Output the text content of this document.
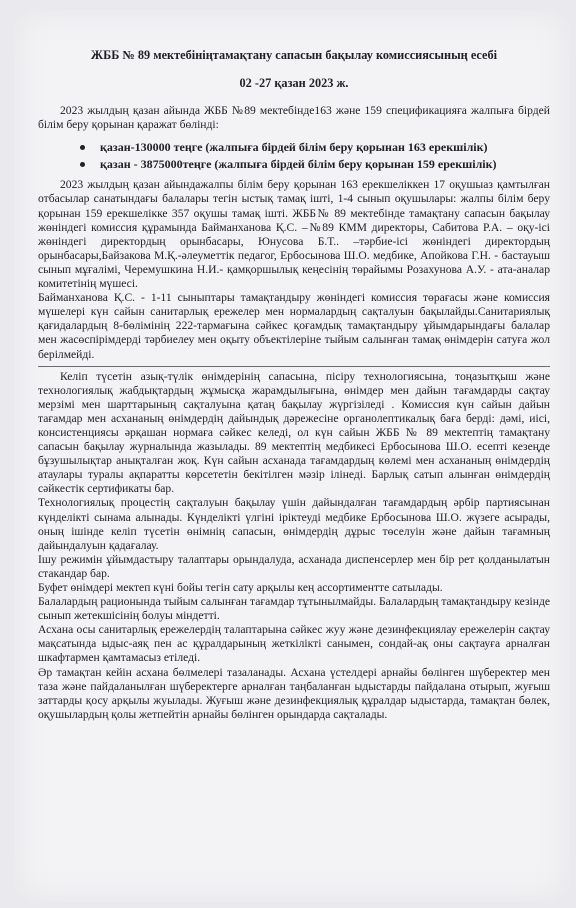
ЖББ № 89 мектебініңтамақтану сапасын бақылау комиссиясының есебі

02 -27 қазан 2023 ж.

2023 жылдың қазан айында ЖББ №89 мектебінде163 және 159 спецификацияға жалпыға бірдей білім беру қорынан қаражат бөлінді:

қазан-130000 теңге (жалпыға бірдей білім беру қорынан 163 ерекшілік)
қазан - 3875000теңге (жалпыға бірдей білім беру қорынан 159 ерекшілік)

2023 жылдың қазан айындажалпы білім беру қорынан 163 ерекшеліккен 17 оқушыаз қамтылған отбасылар санатындағы балалары тегін ыстық тамақ ішті, 1-4 сынып оқушылары: жалпы білім беру қорынан 159 ерекшелікке 357 оқушы тамақ ішті. ЖББ№ 89 мектебінде тамақтану сапасын бақылау жөніндегі комиссия құрамында Байманханова Қ.С. –№89 КММ директоры, Сабитова Р.А. – оқу-ісі жөніндегі директордың орынбасары, Юнусова Б.Т.. –тәрбие-ісі жөніндегі директордың орынбасары,Байзакова М.Қ.-әлеуметтік педагог, Ербосынова Ш.О. медбике, Апойкова Г.Н. - бастауыш сынып мұғалімі, Черемушкина Н.И.- қамқоршылық кеңесінің төрайымы Розахунова А.У. - ата-аналар комитетінің мүшесі.

Байманханова Қ.С. - 1-11 сыныптары тамақтандыру жөніндегі комиссия төрағасы және комиссия мүшелері күн сайын санитарлық ережелер мен нормалардың сақталуын бақылайды.Санитариялық қағидалардың 8-бөлімінің 222-тармағына сәйкес қоғамдық тамақтандыру ұйымдарындағы балалар мен жасөспірімдерді тәрбиелеу мен оқыту объектілеріне тыйым салынған тамақ өнімдерін сатуға жол берілмейді.

Келіп түсетін азық-түлік өнімдерінің сапасына, пісіру технологиясына, тоңазытқыш және технологиялық жабдықтардың жұмысқа жарамдылығына, өнімдер мен дайын тағамдарды сақтау мерзімі мен шарттарының сақталуына қатаң бақылау жүргізіледі . Комиссия күн сайын дайын тағамдар мен асхананың өнімдердің дайындық дәрежесіне органолептикалық баға берді: дәмі, иісі, консистенциясы әрқашан нормаға сәйкес келеді, ол күн сайын ЖББ № 89 мектептің тамақтану сапасын бақылау журналында жазылады. 89 мектептің медбикесі Ербосынова Ш.О. есепті кезеңде бұзушылықтар анықталған жоқ. Күн сайын асханада тағамдардың көлемі мен асхананың өнімдердің атаулары туралы ақпаратты көрсететін бекітілген мәзір ілінеді. Барлық сатып алынған өнімдердің сәйкестік сертификаты бар.

Технологиялық процестің сақталуын бақылау үшін дайындалған тағамдардың әрбір партиясынан күнделікті сынама алынады. Күнделікті үлгіні іріктеуді медбике Ербосынова Ш.О. жүзеге асырады, оның ішінде келіп түсетін өнімнің сапасын, өнімдердің дұрыс төселуін және дайын тағамның дайындалуын қадағалау.

Ішу режимін ұйымдастыру талаптары орындалуда, асханада диспенсерлер мен бір рет қолданылатын стакандар бар.

Буфет өнімдері мектеп күні бойы тегін сату арқылы кең ассортиментте сатылады.

Балалардың рационында тыйым салынған тағамдар тұтынылмайды. Балалардың тамақтандыру кезінде сынып жетекшісінің болуы міндетті.

Асхана осы санитарлық ережелердің талаптарына сәйкес жуу және дезинфекциялау ережелерін сақтау мақсатында ыдыс-аяқ пен ас құралдарының жеткілікті санымен, сондай-ақ оны сақтауға арналған шкафтармен қамтамасыз етіледі.

Әр тамақтан кейін асхана бөлмелері тазаланады. Асхана үстелдері арнайы бөлінген шүберектер мен таза және пайдаланылған шүберектерге арналған таңбаланған ыдыстарды пайдалана отырып, жуғыш заттарды қосу арқылы жуылады. Жуғыш және дезинфекциялық құралдар ыдыстарда, тамақтан бөлек, оқушылардың қолы жетпейтін арнайы бөлінген орындарда сақталады.
